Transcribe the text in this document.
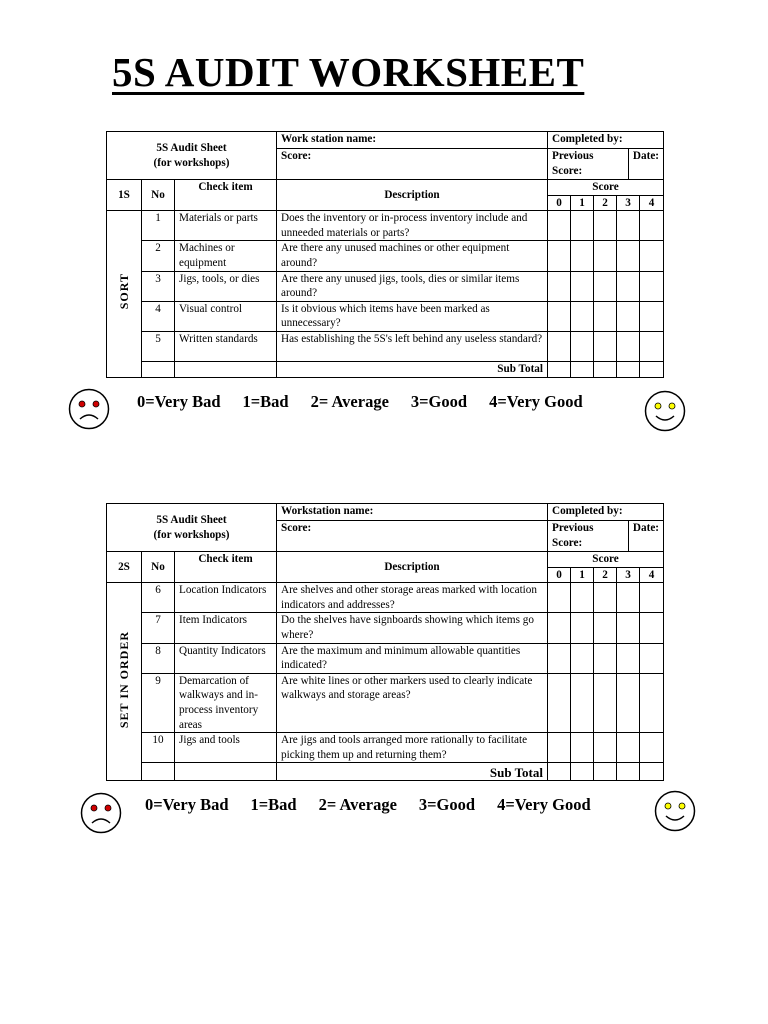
5S AUDIT WORKSHEET
5S Audit Sheet
(for workshops)			Work station name:	Completed by:				
			Score:	Previous
Score:
Date:				

1S	No	Check item	Description	Score				
				0	1	2	3	4
SORT	1	Materials or parts	Does the inventory or in-process inventory include and unneeded materials or parts?					
	2	Machines or equipment	Are there any unused machines or other equipment around?					
	3	Jigs, tools, or dies	Are there any unused jigs, tools, dies or similar items around?					
	4	Visual control	Is it obvious which items have been marked as unnecessary?					
	5	Written standards	Has establishing the 5S's left behind any useless standard?					
			Sub Total					
0=Very Bad 1=Bad 2= Average 3=Good 4=Very Good
5S Audit Sheet
(for workshops)			Workstation name:	Completed by:				
			Score:	Previous
Score:
Date:				

2S	No	Check item	Description	Score				
				0	1	2	3	4
SET IN ORDER	6	Location Indicators	Are shelves and other storage areas marked with location indicators and addresses?					
	7	Item Indicators	Do the shelves have signboards showing which items go where?					
	8	Quantity Indicators	Are the maximum and minimum allowable quantities indicated?					
	9	Demarcation of walkways and in-process inventory areas	Are white lines or other markers used to clearly indicate walkways and storage areas?					
	10	Jigs and tools	Are jigs and tools arranged more rationally to facilitate picking them up and returning them?					
			Sub Total					
0=Very Bad 1=Bad 2= Average 3=Good 4=Very Good
